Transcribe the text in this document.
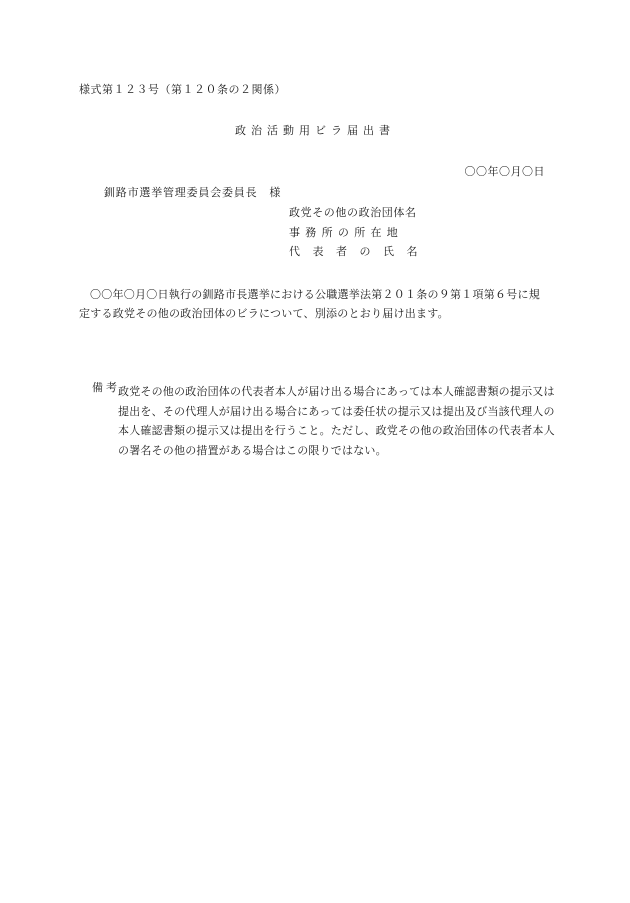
様式第１２３号（第１２０条の２関係）
政治活動用ビラ届出書
〇〇年〇月〇日
釧路市選挙管理委員会委員長 様
政党その他の政治団体名
事務所の所在地
代表者の氏名
〇〇年〇月〇日執行の釧路市長選挙における公職選挙法第２０１条の９第１項第６号に規定する政党その他の政治団体のビラについて、別添のとおり届け出ます。
備考
政党その他の政治団体の代表者本人が届け出る場合にあっては本人確認書類の提示又は提出を、その代理人が届け出る場合にあっては委任状の提示又は提出及び当該代理人の本人確認書類の提示又は提出を行うこと。ただし、政党その他の政治団体の代表者本人の署名その他の措置がある場合はこの限りではない。
